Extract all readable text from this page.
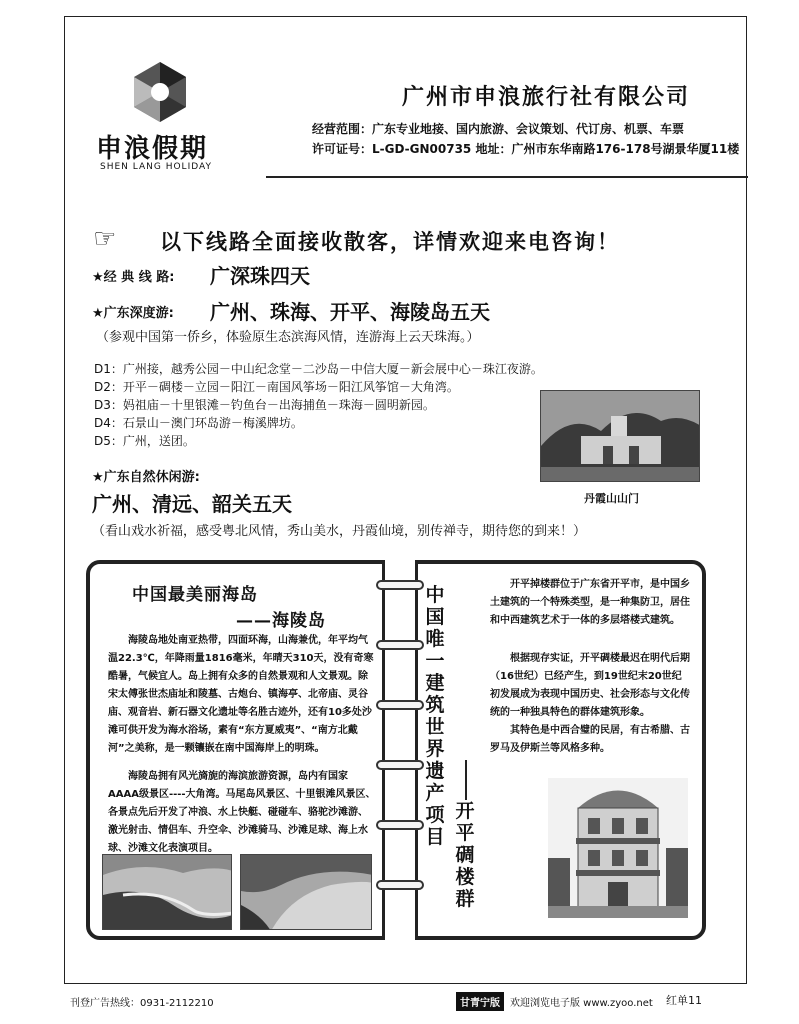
申浪假期
SHEN LANG HOLIDAY
广州市申浪旅行社有限公司
经营范围：广东专业地接、国内旅游、会议策划、代订房、机票、车票
许可证号：L-GD-GN00735 地址：广州市东华南路176-178号湖景华厦11楼
☞ 以下线路全面接收散客，详情欢迎来电咨询！
★经 典 线 路: 广深珠四天
★广东深度游: 广州、珠海、开平、海陵岛五天
（参观中国第一侨乡，体验原生态滨海风情，连游海上云天珠海。）
D1：广州接，越秀公园－中山纪念堂－二沙岛－中信大厦－新会展中心－珠江夜游。
D2：开平－碉楼－立园－阳江－南国风筝场－阳江风筝馆－大角湾。
D3：妈祖庙－十里银滩－钓鱼台－出海捕鱼－珠海－圆明新园。
D4：石景山－澳门环岛游－梅溪牌坊。
D5：广州，送团。
丹霞山山门
★广东自然休闲游:
广州、清远、韶关五天
（看山戏水祈福，感受粤北风情，秀山美水，丹霞仙境，别传禅寺，期待您的到来！）
中国最美丽海岛
——海陵岛
海陵岛地处南亚热带，四面环海，山海兼优，年平均气温22.3℃，年降雨量1816毫米，年晴天310天，没有奇寒酷暑，气候宜人。岛上拥有众多的自然景观和人文景观。除宋太傅张世杰庙址和陵墓、古炮台、镇海亭、北帝庙、灵谷庙、观音岩、新石器文化遗址等名胜古迹外，还有10多处沙滩可供开发为海水浴场，素有“东方夏威夷”、“南方北戴河”之美称，是一颗镶嵌在南中国海岸上的明珠。
海陵岛拥有风光旖旎的海滨旅游资源，岛内有国家AAAA级景区----大角湾。马尾岛风景区、十里银滩风景区、各景点先后开发了冲浪、水上快艇、碰碰车、骆驼沙滩游、激光射击、情侣车、升空伞、沙滩骑马、沙滩足球、海上水球、沙滩文化表演项目。
中国唯一建筑世界遗产项目
开平碉楼群
开平掉楼群位于广东省开平市，是中国乡土建筑的一个特殊类型，是一种集防卫，居住和中西建筑艺术于一体的多层塔楼式建筑。
根据现存实证，开平碉楼最迟在明代后期（16世纪）已经产生，到19世纪末20世纪初发展成为表现中国历史、社会形态与文化传统的一种独具特色的群体建筑形象。
其特色是中西合璧的民居，有古希腊、古罗马及伊斯兰等风格多种。
刊登广告热线：0931-2112210	甘青宁版	欢迎浏览电子版 www.zyoo.net 红单11
